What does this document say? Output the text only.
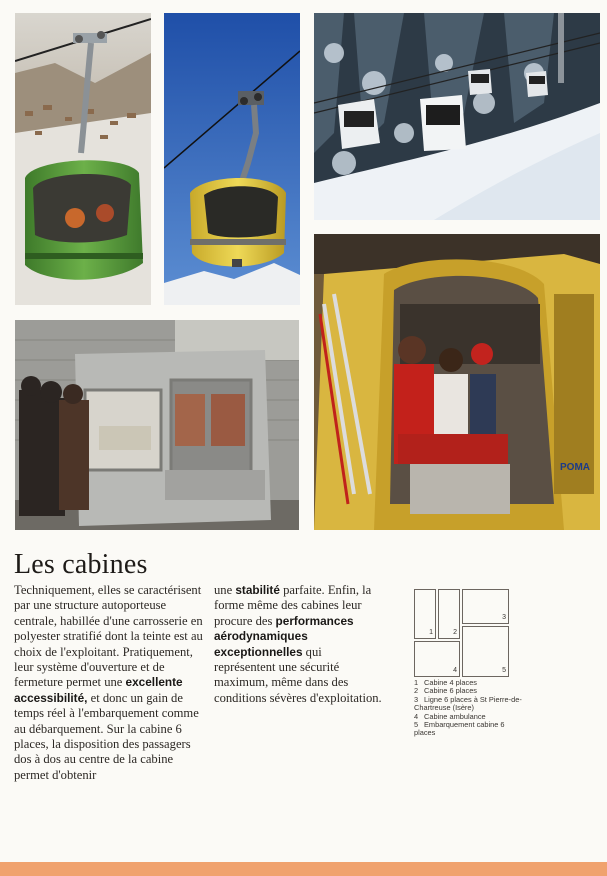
POMA
Les cabines

Techniquement, elles se caractérisent par une structure autoporteuse centrale, habillée d'une carrosserie en polyester stratifié dont la teinte est au choix de l'exploitant. Pratiquement, leur système d'ouverture et de fermeture permet une excellente accessibilité, et donc un gain de temps réel à l'embarquement comme au débarquement. Sur la cabine 6 places, la disposition des passagers dos à dos au centre de la cabine permet d'obtenir

une stabilité parfaite. Enfin, la forme même des cabines leur procure des performances aérodynamiques exceptionnelles qui représentent une sécurité maximum, même dans des conditions sévères d'exploitation.

1	2
3
4	5
1 Cabine 4 places
2 Cabine 6 places
3 Ligne 6 places à St Pierre-de-Chartreuse (Isère)
4 Cabine ambulance
5 Embarquement cabine 6 places
